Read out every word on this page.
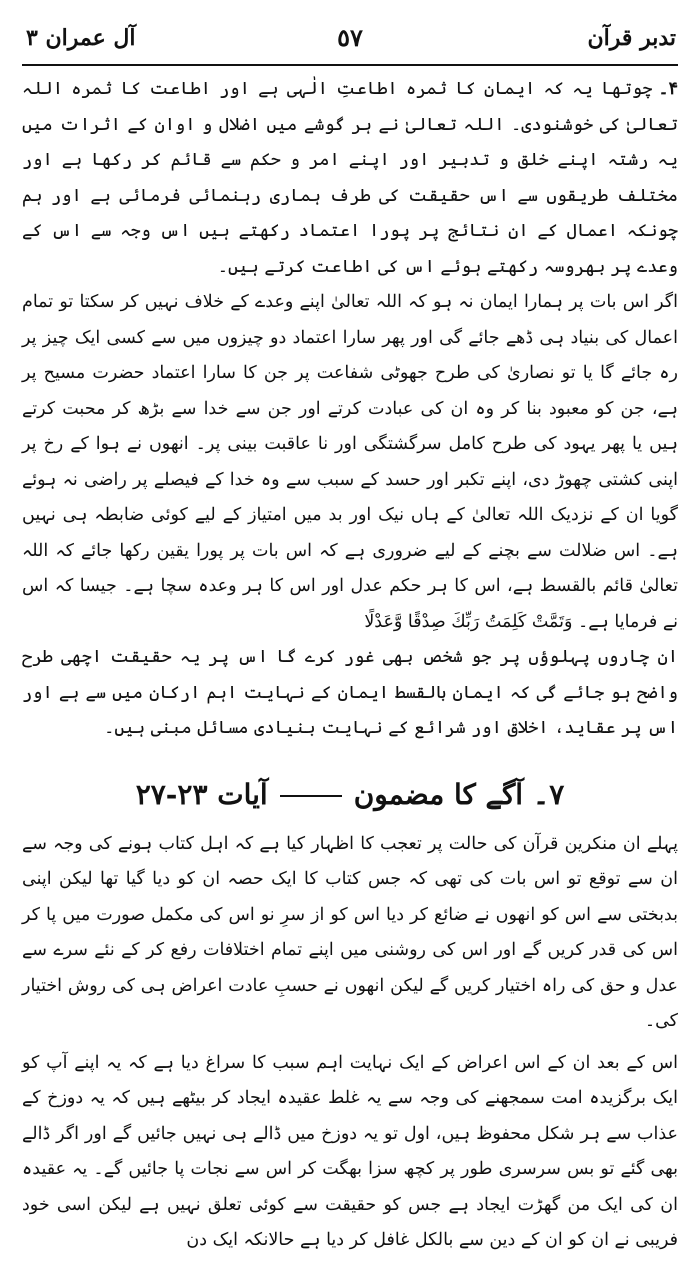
تدبر قرآن
٥٧
آل عمران ٣

۴۔چوتھا یہ کہ ایمان کا ثمرہ اطاعتِ الٰہی ہے اور اطاعت کا ثمرہ اللہ تعالیٰ کی خوشنودی۔ اللہ تعالیٰ نے ہر گوشے میں اضلال و اوان کے اثرات میں یہ رشتہ اپنے خلق و تدبیر اور اپنے امر و حکم سے قائم کر رکھا ہے اور مختلف طریقوں سے اس حقیقت کی طرف ہماری رہنمائی فرمائی ہے اور ہم چونکہ اعمال کے ان نتائج پر پورا اعتماد رکھتے ہیں اس وجہ سے اس کے وعدے پر بھروسہ رکھتے ہوئے اس کی اطاعت کرتے ہیں۔

اگر اس بات پر ہمارا ایمان نہ ہو کہ اللہ تعالیٰ اپنے وعدے کے خلاف نہیں کر سکتا تو تمام اعمال کی بنیاد ہی ڈھے جائے گی اور پھر سارا اعتماد دو چیزوں میں سے کسی ایک چیز پر رہ جائے گا یا تو نصاریٰ کی طرح جھوٹی شفاعت پر جن کا سارا اعتماد حضرت مسیح پر ہے، جن کو معبود بنا کر وہ ان کی عبادت کرتے اور جن سے خدا سے بڑھ کر محبت کرتے ہیں یا پھر یہود کی طرح کامل سرگشتگی اور نا عاقبت بینی پر۔ انھوں نے ہوا کے رخ پر اپنی کشتی چھوڑ دی، اپنے تکبر اور حسد کے سبب سے وہ خدا کے فیصلے پر راضی نہ ہوئے گویا ان کے نزدیک اللہ تعالیٰ کے ہاں نیک اور بد میں امتیاز کے لیے کوئی ضابطہ ہی نہیں ہے۔ اس ضلالت سے بچنے کے لیے ضروری ہے کہ اس بات پر پورا یقین رکھا جائے کہ اللہ تعالیٰ قائم بالقسط ہے، اس کا ہر حکم عدل اور اس کا ہر وعدہ سچا ہے۔ جیسا کہ اس نے فرمایا ہے۔ وَتَمَّتْ كَلِمَتُ رَبِّكَ صِدْقًا وَّعَدْلًا

ان چاروں پہلوؤں پر جو شخص بھی غور کرے گا اس پر یہ حقیقت اچھی طرح واضح ہو جائے گی کہ ایمان بالقسط ایمان کے نہایت اہم ارکان میں سے ہے اور اس پر عقاید، اخلاق اور شرائع کے نہایت بنیادی مسائل مبنی ہیں۔

۷۔ آگے کا مضمونآیات ۲۳-۲۷

پہلے ان منکرین قرآن کی حالت پر تعجب کا اظہار کیا ہے کہ اہل کتاب ہونے کی وجہ سے ان سے توقع تو اس بات کی تھی کہ جس کتاب کا ایک حصہ ان کو دیا گیا تھا لیکن اپنی بدبختی سے اس کو انھوں نے ضائع کر دیا اس کو از سرِ نو اس کی مکمل صورت میں پا کر اس کی قدر کریں گے اور اس کی روشنی میں اپنے تمام اختلافات رفع کر کے نئے سرے سے عدل و حق کی راہ اختیار کریں گے لیکن انھوں نے حسبِ عادت اعراض ہی کی روش اختیار کی۔

اس کے بعد ان کے اس اعراض کے ایک نہایت اہم سبب کا سراغ دیا ہے کہ یہ اپنے آپ کو ایک برگزیدہ امت سمجھنے کی وجہ سے یہ غلط عقیدہ ایجاد کر بیٹھے ہیں کہ یہ دوزخ کے عذاب سے ہر شکل محفوظ ہیں، اول تو یہ دوزخ میں ڈالے ہی نہیں جائیں گے اور اگر ڈالے بھی گئے تو بس سرسری طور پر کچھ سزا بھگت کر اس سے نجات پا جائیں گے۔ یہ عقیدہ ان کی ایک من گھڑت ایجاد ہے جس کو حقیقت سے کوئی تعلق نہیں ہے لیکن اسی خود فریبی نے ان کو ان کے دین سے بالکل غافل کر دیا ہے حالانکہ ایک دن
